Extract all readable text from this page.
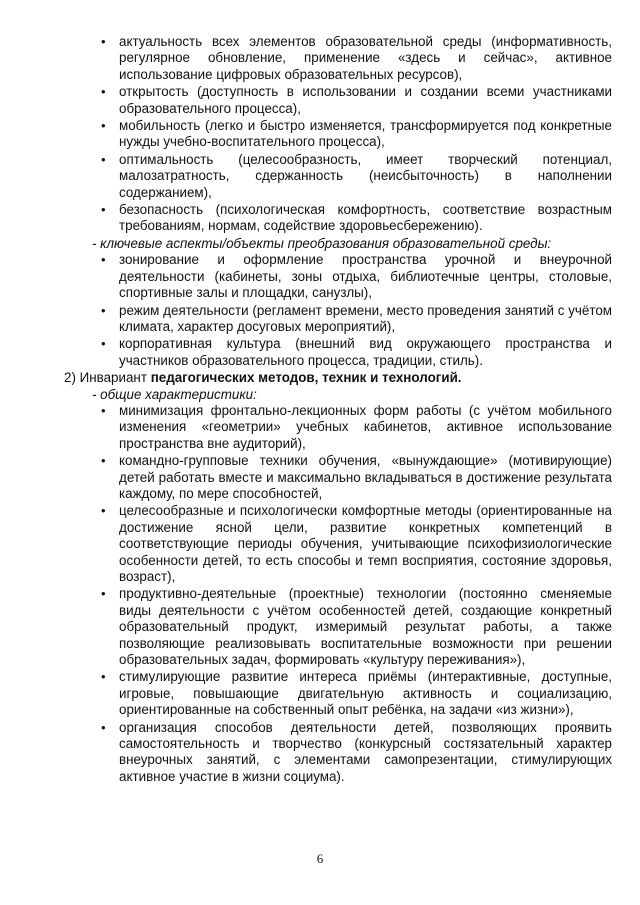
• актуальность всех элементов образовательной среды (информативность, регулярное обновление, применение «здесь и сейчас», активное использование цифровых образовательных ресурсов),
• открытость (доступность в использовании и создании всеми участниками образовательного процесса),
• мобильность (легко и быстро изменяется, трансформируется под конкретные нужды учебно-воспитательного процесса),
• оптимальность (целесообразность, имеет творческий потенциал, малозатратность, сдержанность (неисбыточность) в наполнении содержанием),
• безопасность (психологическая комфортность, соответствие возрастным требованиям, нормам, содействие здоровьесбережению).
- ключевые аспекты/объекты преобразования образовательной среды:
• зонирование и оформление пространства урочной и внеурочной деятельности (кабинеты, зоны отдыха, библиотечные центры, столовые, спортивные залы и площадки, санузлы),
• режим деятельности (регламент времени, место проведения занятий с учётом климата, характер досуговых мероприятий),
• корпоративная культура (внешний вид окружающего пространства и участников образовательного процесса, традиции, стиль).
2) Инвариант педагогических методов, техник и технологий.
- общие характеристики:
• минимизация фронтально-лекционных форм работы (с учётом мобильного изменения «геометрии» учебных кабинетов, активное использование пространства вне аудиторий),
• командно-групповые техники обучения, «вынуждающие» (мотивирующие) детей работать вместе и максимально вкладываться в достижение результата каждому, по мере способностей,
• целесообразные и психологически комфортные методы (ориентированные на достижение ясной цели, развитие конкретных компетенций в соответствующие периоды обучения, учитывающие психофизиологические особенности детей, то есть способы и темп восприятия, состояние здоровья, возраст),
• продуктивно-деятельные (проектные) технологии (постоянно сменяемые виды деятельности с учётом особенностей детей, создающие конкретный образовательный продукт, измеримый результат работы, а также позволяющие реализовывать воспитательные возможности при решении образовательных задач, формировать «культуру переживания»),
• стимулирующие развитие интереса приёмы (интерактивные, доступные, игровые, повышающие двигательную активность и социализацию, ориентированные на собственный опыт ребёнка, на задачи «из жизни»),
• организация способов деятельности детей, позволяющих проявить самостоятельность и творчество (конкурсный состязательный характер внеурочных занятий, с элементами самопрезентации, стимулирующих активное участие в жизни социума).
6
